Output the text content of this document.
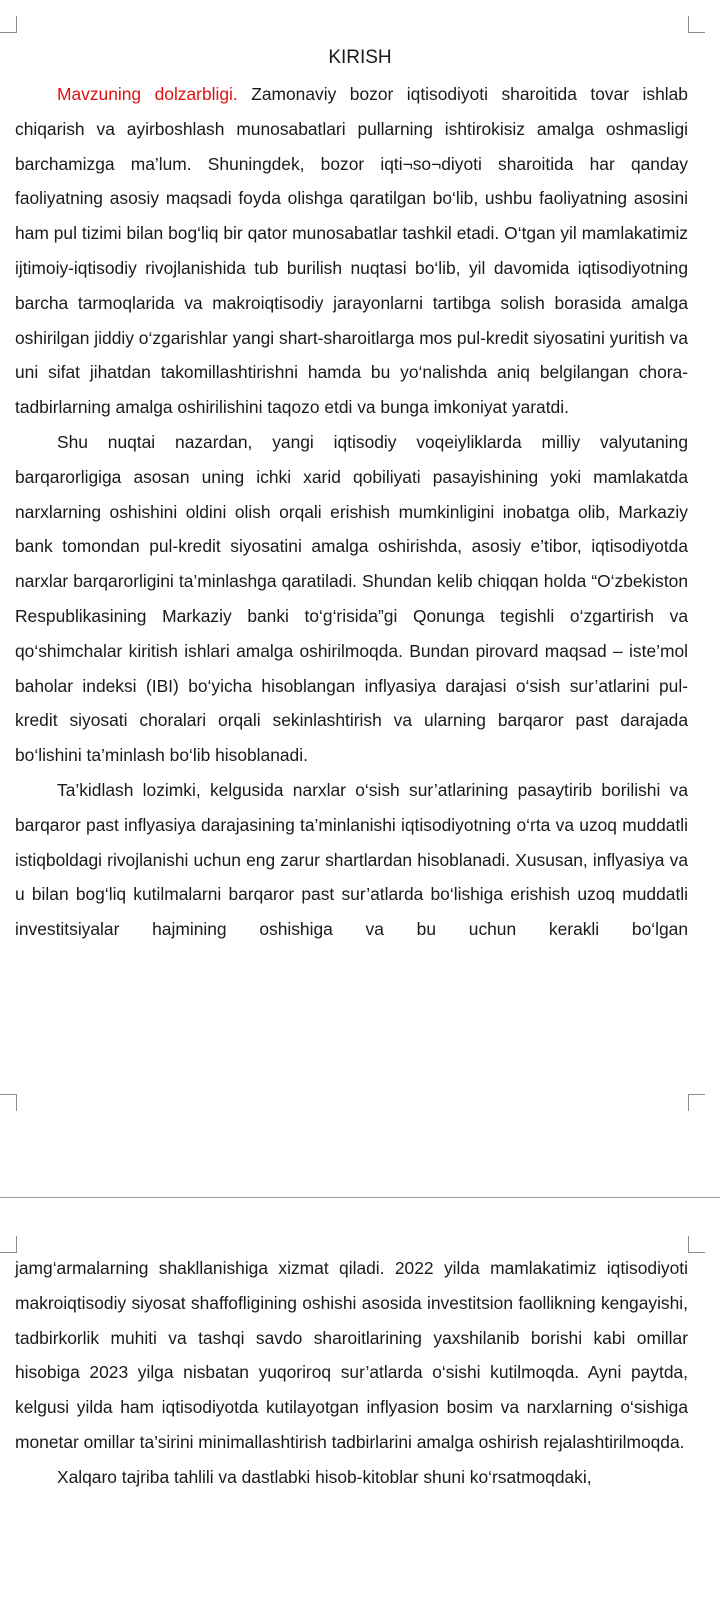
KIRISH

Mavzuning dolzarbligi. Zamonaviy bozor iqtisodiyoti sharoitida tovar ishlab chiqarish va ayirboshlash munosabatlari pullarning ishtirokisiz amalga oshmasligi barchamizga ma’lum. Shuningdek, bozor iqti¬so¬diyoti sharoitida har qanday faoliyatning asosiy maqsadi foyda olishga qaratilgan bo‘lib, ushbu faoliyatning asosini ham pul tizimi bilan bog‘liq bir qator munosabatlar tashkil etadi. O‘tgan yil mamlakatimiz ijtimoiy-iqtisodiy rivojlanishida tub burilish nuqtasi bo‘lib, yil davomida iqtisodiyotning barcha tarmoqlarida va makroiqtisodiy jarayonlarni tartibga solish borasida amalga oshirilgan jiddiy o‘zgarishlar yangi shart-sharoitlarga mos pul-kredit siyosatini yuritish va uni sifat jihatdan takomillashtirishni hamda bu yo‘nalishda aniq belgilangan chora-tadbirlarning amalga oshirilishini taqozo etdi va bunga imkoniyat yaratdi.

Shu nuqtai nazardan, yangi iqtisodiy voqeiyliklarda milliy valyutaning barqarorligiga asosan uning ichki xarid qobiliyati pasayishining yoki mamlakatda narxlarning oshishini oldini olish orqali erishish mumkinligini inobatga olib, Markaziy bank tomondan pul-kredit siyosatini amalga oshirishda, asosiy e’tibor, iqtisodiyotda narxlar barqarorligini ta’minlashga qaratiladi. Shundan kelib chiqqan holda “O‘zbekiston Respublikasining Markaziy banki to‘g‘risida”gi Qonunga tegishli o‘zgartirish va qo‘shimchalar kiritish ishlari amalga oshirilmoqda. Bundan pirovard maqsad – iste’mol baholar indeksi (IBI) bo‘yicha hisoblangan inflyasiya darajasi o‘sish sur’atlarini pul-kredit siyosati choralari orqali sekinlashtirish va ularning barqaror past darajada bo‘lishini ta’minlash bo‘lib hisoblanadi.

Ta’kidlash lozimki, kelgusida narxlar o‘sish sur’atlarining pasaytirib borilishi va barqaror past inflyasiya darajasining ta’minlanishi iqtisodiyotning o‘rta va uzoq muddatli istiqboldagi rivojlanishi uchun eng zarur shartlardan hisoblanadi. Xususan, inflyasiya va u bilan bog‘liq kutilmalarni barqaror past sur’atlarda bo‘lishiga erishish uzoq muddatli investitsiyalar hajmining oshishiga va bu uchun kerakli bo‘lgan

jamg‘armalarning shakllanishiga xizmat qiladi. 2022 yilda mamlakatimiz iqtisodiyoti makroiqtisodiy siyosat shaffofligining oshishi asosida investitsion faollikning kengayishi, tadbirkorlik muhiti va tashqi savdo sharoitlarining yaxshilanib borishi kabi omillar hisobiga 2023 yilga nisbatan yuqoriroq sur’atlarda o‘sishi kutilmoqda. Ayni paytda, kelgusi yilda ham iqtisodiyotda kutilayotgan inflyasion bosim va narxlarning o‘sishiga monetar omillar ta’sirini minimallashtirish tadbirlarini amalga oshirish rejalashtirilmoqda.

Xalqaro tajriba tahlili va dastlabki hisob-kitoblar shuni ko‘rsatmoqdaki,
